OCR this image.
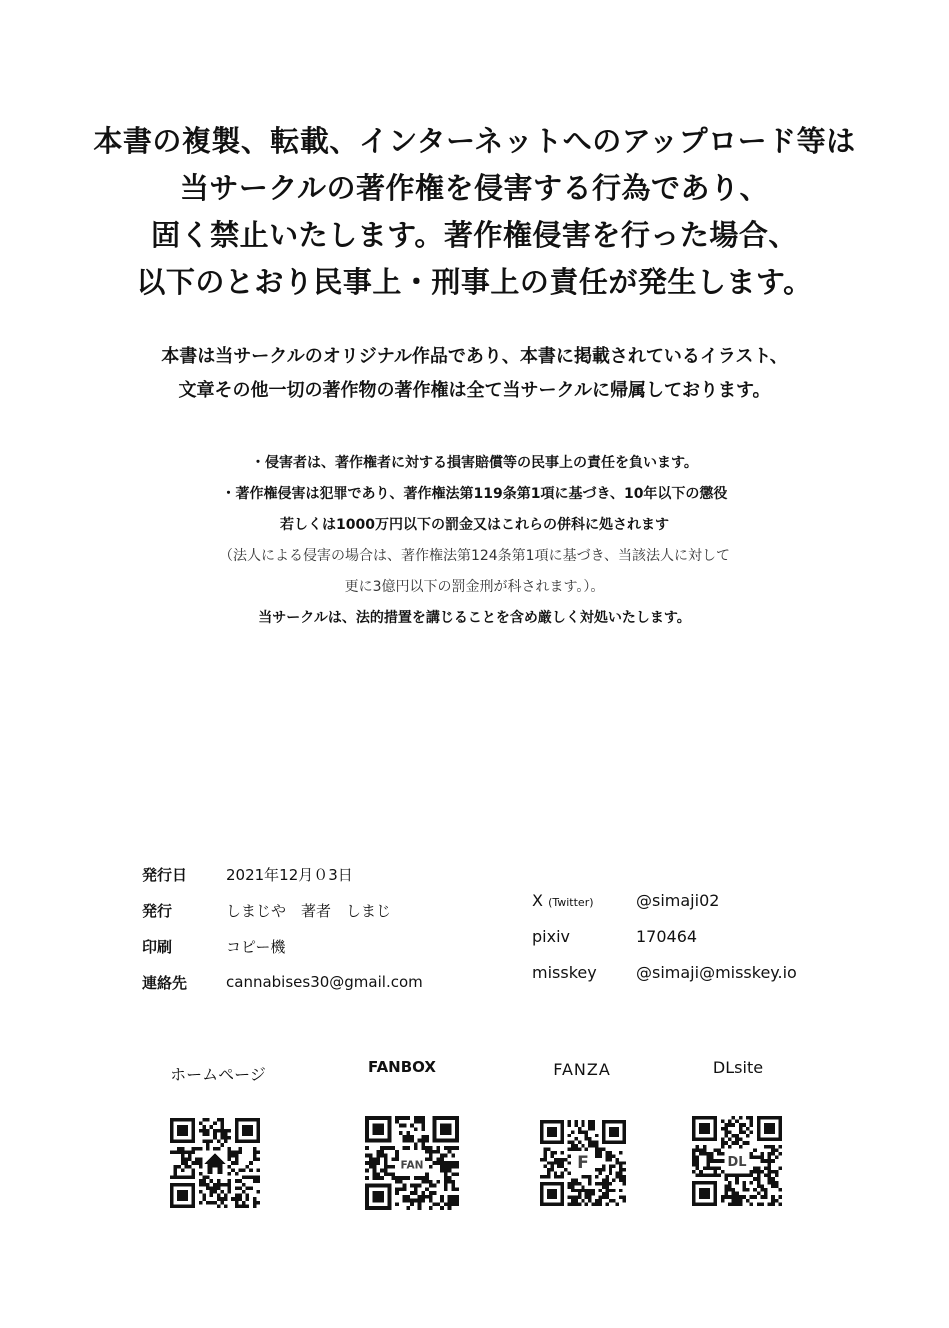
本書の複製、転載、インターネットへのアップロード等は
当サークルの著作権を侵害する行為であり、
固く禁止いたします。著作権侵害を行った場合、
以下のとおり民事上・刑事上の責任が発生します。
本書は当サークルのオリジナル作品であり、本書に掲載されているイラスト、
文章その他一切の著作物の著作権は全て当サークルに帰属しております。
・侵害者は、著作権者に対する損害賠償等の民事上の責任を負います。
・著作権侵害は犯罪であり、著作権法第119条第1項に基づき、10年以下の懲役
若しくは1000万円以下の罰金又はこれらの併科に処されます
（法人による侵害の場合は、著作権法第124条第1項に基づき、当該法人に対して
更に3億円以下の罰金刑が科されます。）。
当サークルは、法的措置を講じることを含め厳しく対処いたします。
発行日	2021年12月０3日
発行	しまじや　著者　しまじ
印刷	コピー機
連絡先	cannabises30@gmail.com
X (Twitter)	@simaji02
pixiv	170464
misskey	@simaji@misskey.io
ホームページ	FANBOX	FANZA	DLsite
FAN	F	DL
